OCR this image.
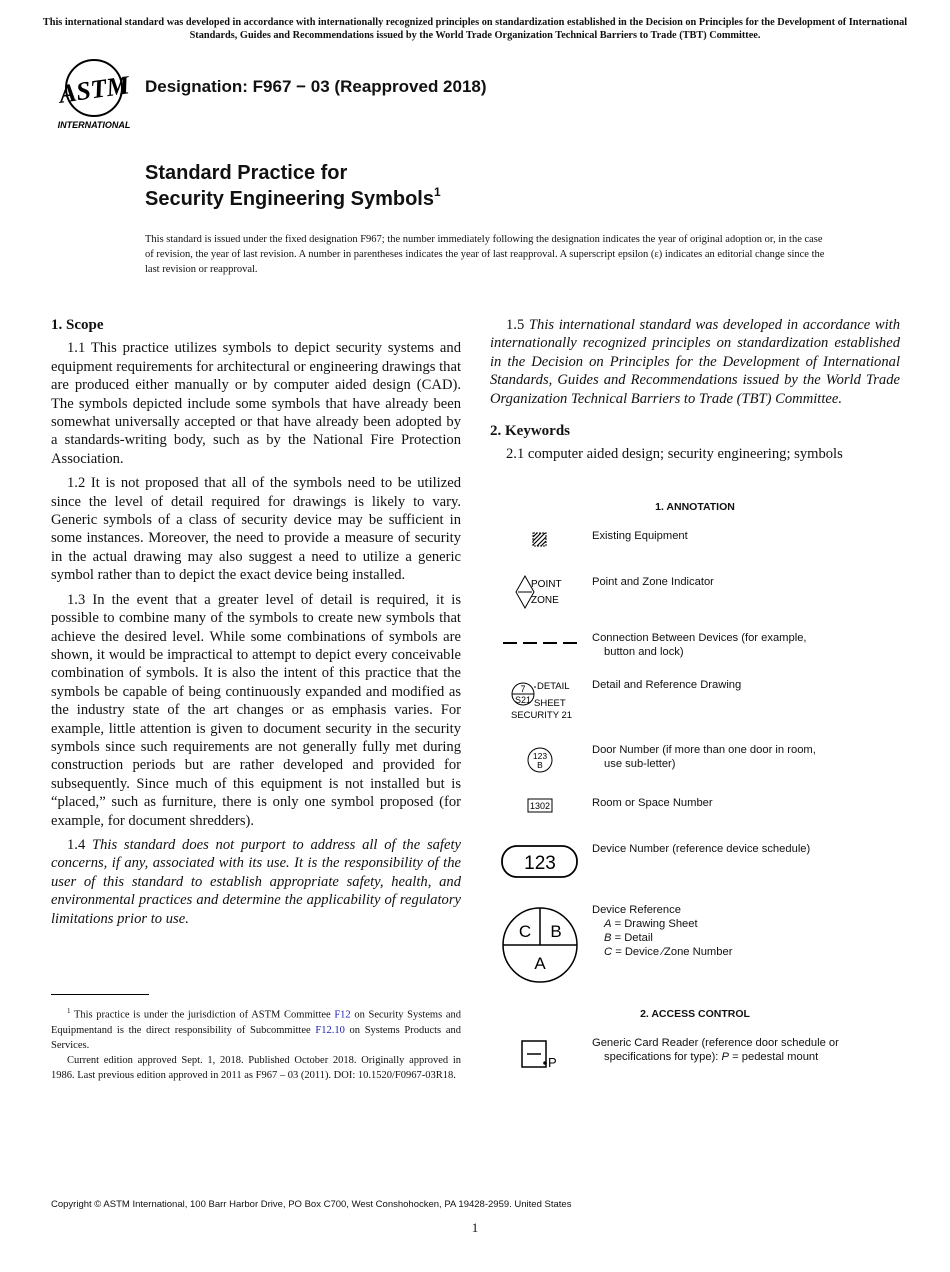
This international standard was developed in accordance with internationally recognized principles on standardization established in the Decision on Principles for the Development of International Standards, Guides and Recommendations issued by the World Trade Organization Technical Barriers to Trade (TBT) Committee.
ASTM
INTERNATIONAL
Designation: F967 − 03 (Reapproved 2018)
Standard Practice for
Security Engineering Symbols$^1$
This standard is issued under the fixed designation F967; the number immediately following the designation indicates the year of original adoption or, in the case of revision, the year of last revision. A number in parentheses indicates the year of last reapproval. A superscript epsilon (ε) indicates an editorial change since the last revision or reapproval.
1. Scope

1.1 This practice utilizes symbols to depict security systems and equipment requirements for architectural or engineering drawings that are produced either manually or by computer aided design (CAD). The symbols depicted include some symbols that have already been somewhat universally accepted or that have already been adopted by a standards-writing body, such as by the National Fire Protection Association.

1.2 It is not proposed that all of the symbols need to be utilized since the level of detail required for drawings is likely to vary. Generic symbols of a class of security device may be sufficient in some instances. Moreover, the need to provide a measure of security in the actual drawing may also suggest a need to utilize a generic symbol rather than to depict the exact device being installed.

1.3 In the event that a greater level of detail is required, it is possible to combine many of the symbols to create new symbols that achieve the desired level. While some combinations of symbols are shown, it would be impractical to attempt to depict every conceivable combination of symbols. It is also the intent of this practice that the symbols be capable of being continuously expanded and modified as the industry state of the art changes or as emphasis varies. For example, little attention is given to document security in the security symbols since such requirements are not generally fully met during construction periods but are rather developed and provided for subsequently. Since much of this equipment is not installed but is “placed,” such as furniture, there is only one symbol proposed (for example, for document shredders).

1.4 This standard does not purport to address all of the safety concerns, if any, associated with its use. It is the responsibility of the user of this standard to establish appropriate safety, health, and environmental practices and determine the applicability of regulatory limitations prior to use.

1.5 This international standard was developed in accordance with internationally recognized principles on standardization established in the Decision on Principles for the Development of International Standards, Guides and Recommendations issued by the World Trade Organization Technical Barriers to Trade (TBT) Committee.

2. Keywords

2.1 computer aided design; security engineering; symbols

$^1$ This practice is under the jurisdiction of ASTM Committee F12 on Security Systems and Equipmentand is the direct responsibility of Subcommittee F12.10 on Systems Products and Services.

Current edition approved Sept. 1, 2018. Published October 2018. Originally approved in 1986. Last previous edition approved in 2011 as F967 – 03 (2011). DOI: 10.1520/F0967-03R18.

1. ANNOTATION
Existing Equipment
POINT
ZONE
Point and Zone Indicator
Connection Between Devices (for example,
button and lock)
7
S21
DETAIL
SHEET
SECURITY 21
Detail and Reference Drawing
123
B
Door Number (if more than one door in room,
use sub-letter)
1302	Room or Space Number
123
Device Number (reference device schedule)
C B
A
Device Reference
A = Drawing Sheet
B = Detail
C = Device ⁄Zone Number
2. ACCESS CONTROL
P
Generic Card Reader (reference door schedule or
specifications for type): P = pedestal mount
Copyright © ASTM International, 100 Barr Harbor Drive, PO Box C700, West Conshohocken, PA 19428-2959. United States
1
